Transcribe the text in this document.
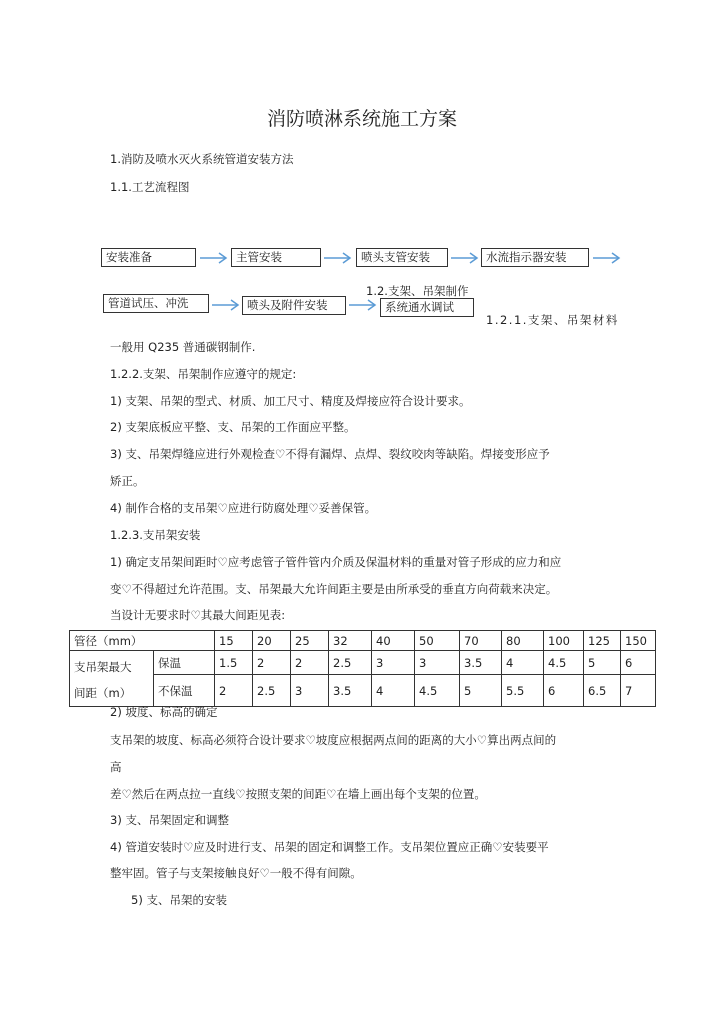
消防喷淋系统施工方案
1.消防及喷水灭火系统管道安装方法
1.1.工艺流程图
安装准备	主管安装	喷头支管安装	水流指示器安装
管道试压、冲洗	喷头及附件安装
1.2.支架、吊架制作
系统通水调试
1.2.1.支架、吊架材料
一般用 Q235 普通碳钢制作.
1.2.2.支架、吊架制作应遵守的规定:
1) 支架、吊架的型式、材质、加工尺寸、精度及焊接应符合设计要求。
2) 支架底板应平整、支、吊架的工作面应平整。
3) 支、吊架焊缝应进行外观检查♡不得有漏焊、点焊、裂纹咬肉等缺陷。焊接变形应予
矫正。
4) 制作合格的支吊架♡应进行防腐处理♡妥善保管。
1.2.3.支吊架安装
1) 确定支吊架间距时♡应考虑管子管件管内介质及保温材料的重量对管子形成的应力和应
变♡不得超过允许范围。支、吊架最大允许间距主要是由所承受的垂直方向荷载来决定。
当设计无要求时♡其最大间距见表:
管径（mm）		15	20	25	32	40	50	70	80	100	125	150

支吊架最大
间距（m）	保温	1.5	2	2	2.5	3	3	3.5	4	4.5	5	6
	不保温	2	2.5	3	3.5	4	4.5	5	5.5	6	6.5	7
2) 坡度、标高的确定
支吊架的坡度、标高必须符合设计要求♡坡度应根据两点间的距离的大小♡算出两点间的
高
差♡然后在两点拉一直线♡按照支架的间距♡在墙上画出每个支架的位置。
3) 支、吊架固定和调整
4) 管道安装时♡应及时进行支、吊架的固定和调整工作。支吊架位置应正确♡安装要平
整牢固。管子与支架接触良好♡一般不得有间隙。
5) 支、吊架的安装
